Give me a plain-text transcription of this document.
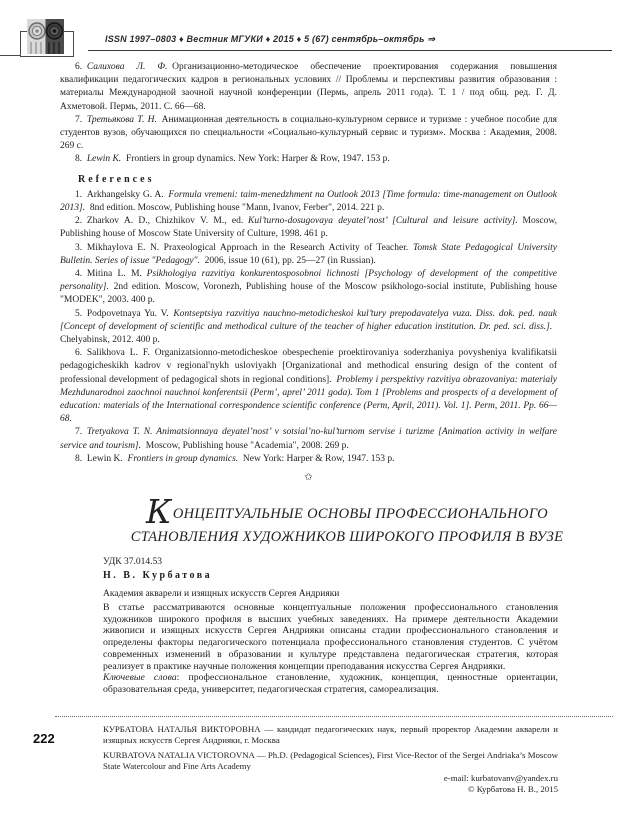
ISSN 1997–0803 ♦ Вестник МГУКИ ♦ 2015 ♦ 5 (67) сентябрь–октябрь ⇒

6. Салихова Л. Ф. Организационно-методическое обеспечение проектирования содержания повышения квалификации педагогических кадров в региональных условиях // Проблемы и перспективы развития образования : материалы Международной заочной научной конференции (Пермь, апрель 2011 года). Т. 1 / под общ. ред. Г. Д. Ахметовой. Пермь, 2011. С. 66—68.

7. Третьякова Т. Н. Анимационная деятельность в социально-культурном сервисе и туризме : учебное пособие для студентов вузов, обучающихся по специальности «Социально-культурный сервис и туризм». Москва : Академия, 2008. 269 с.

8. Lewin K. Frontiers in group dynamics. New York: Harper & Row, 1947. 153 p.

References

1. Arkhangelsky G. A. Formula vremeni: taim-menedzhment na Outlook 2013 [Time formula: time-management on Outlook 2013]. 8nd edition. Moscow, Publishing house "Mann, Ivanov, Ferber", 2014. 221 p.

2. Zharkov A. D., Chizhikov V. M., ed. Kul’turno-dosugovaya deyatel’nost’ [Cultural and leisure activity]. Moscow, Publishing house of Moscow State University of Culture, 1998. 461 p.

3. Mikhaylova E. N. Praxeological Approach in the Research Activity of Teacher. Tomsk State Pedagogical University Bulletin. Series of issue "Pedagogy". 2006, issue 10 (61), pp. 25—27 (in Russian).

4. Mitina L. M. Psikhologiya razvitiya konkurentosposobnoi lichnosti [Psychology of development of the competitive personality]. 2nd edition. Moscow, Voronezh, Publishing house of the Moscow psikhologo-social institute, Publishing house "MODEK", 2003. 400 p.

5. Podpovetnaya Yu. V. Kontseptsiya razvitiya nauchno-metodicheskoi kul’tury prepodavatelya vuza. Diss. dok. ped. nauk [Concept of development of scientific and methodical culture of the teacher of higher education institution. Dr. ped. sci. diss.]. Chelyabinsk, 2012. 400 p.

6. Salikhova L. F. Organizatsionno-metodicheskoe obespechenie proektirovaniya soderzhaniya povysheniya kvalifikatsii pedagogicheskikh kadrov v regional'nykh usloviyakh [Organizational and methodical ensuring design of the content of professional development of pedagogical shots in regional conditions]. Problemy i perspektivy razvitiya obrazovaniya: materialy Mezhdunarodnoi zaochnoi nauchnoi konferentsii (Perm’, aprel’ 2011 goda). Tom 1 [Problems and prospects of a development of education: materials of the International correspondence scientific conference (Perm, April, 2011). Vol. 1]. Perm, 2011. Pp. 66—68.

7. Tretyakova T. N. Animatsionnaya deyatel’nost’ v sotsial’no-kul’turnom servise i turizme [Animation activity in welfare service and tourism]. Moscow, Publishing house "Academia", 2008. 269 p.

8. Lewin K. Frontiers in group dynamics. New York: Harper & Row, 1947. 153 p.

✩
КОНЦЕПТУАЛЬНЫЕ ОСНОВЫ ПРОФЕССИОНАЛЬНОГО
СТАНОВЛЕНИЯ ХУДОЖНИКОВ ШИРОКОГО ПРОФИЛЯ В ВУЗЕ
УДК 37.014.53
Н. В. Курбатова
Академия акварели и изящных искусств Сергея Андрияки

В статье рассматриваются основные концептуальные положения профессионального становления художников широкого профиля в высших учебных заведениях. На примере деятельности Академии живописи и изящных искусств Сергея Андрияки описаны стадии профессионального становления и определены факторы педагогического потенциала профессионального становления студентов. С учётом современных изменений в образовании и культуре представлена педагогическая стратегия, которая реализует в практике научные положения концепции преподавания искусства Сергея Андрияки.

Ключевые слова: профессиональное становление, художник, концепция, ценностные ориентации, образовательная среда, университет, педагогическая стратегия, самореализация.

КУРБАТОВА НАТАЛЬЯ ВИКТОРОВНА — кандидат педагогических наук, первый проректор Академии акварели и изящных искусств Сергея Андрияки, г. Москва

KURBATOVA NATALIA VICTOROVNA — Ph.D. (Pedagogical Sciences), First Vice-Rector of the Sergei Andriaka’s Moscow State Watercolour and Fine Arts Academy

e-mail: kurbatovanv@yandex.ru
© Курбатова Н. В., 2015
222
